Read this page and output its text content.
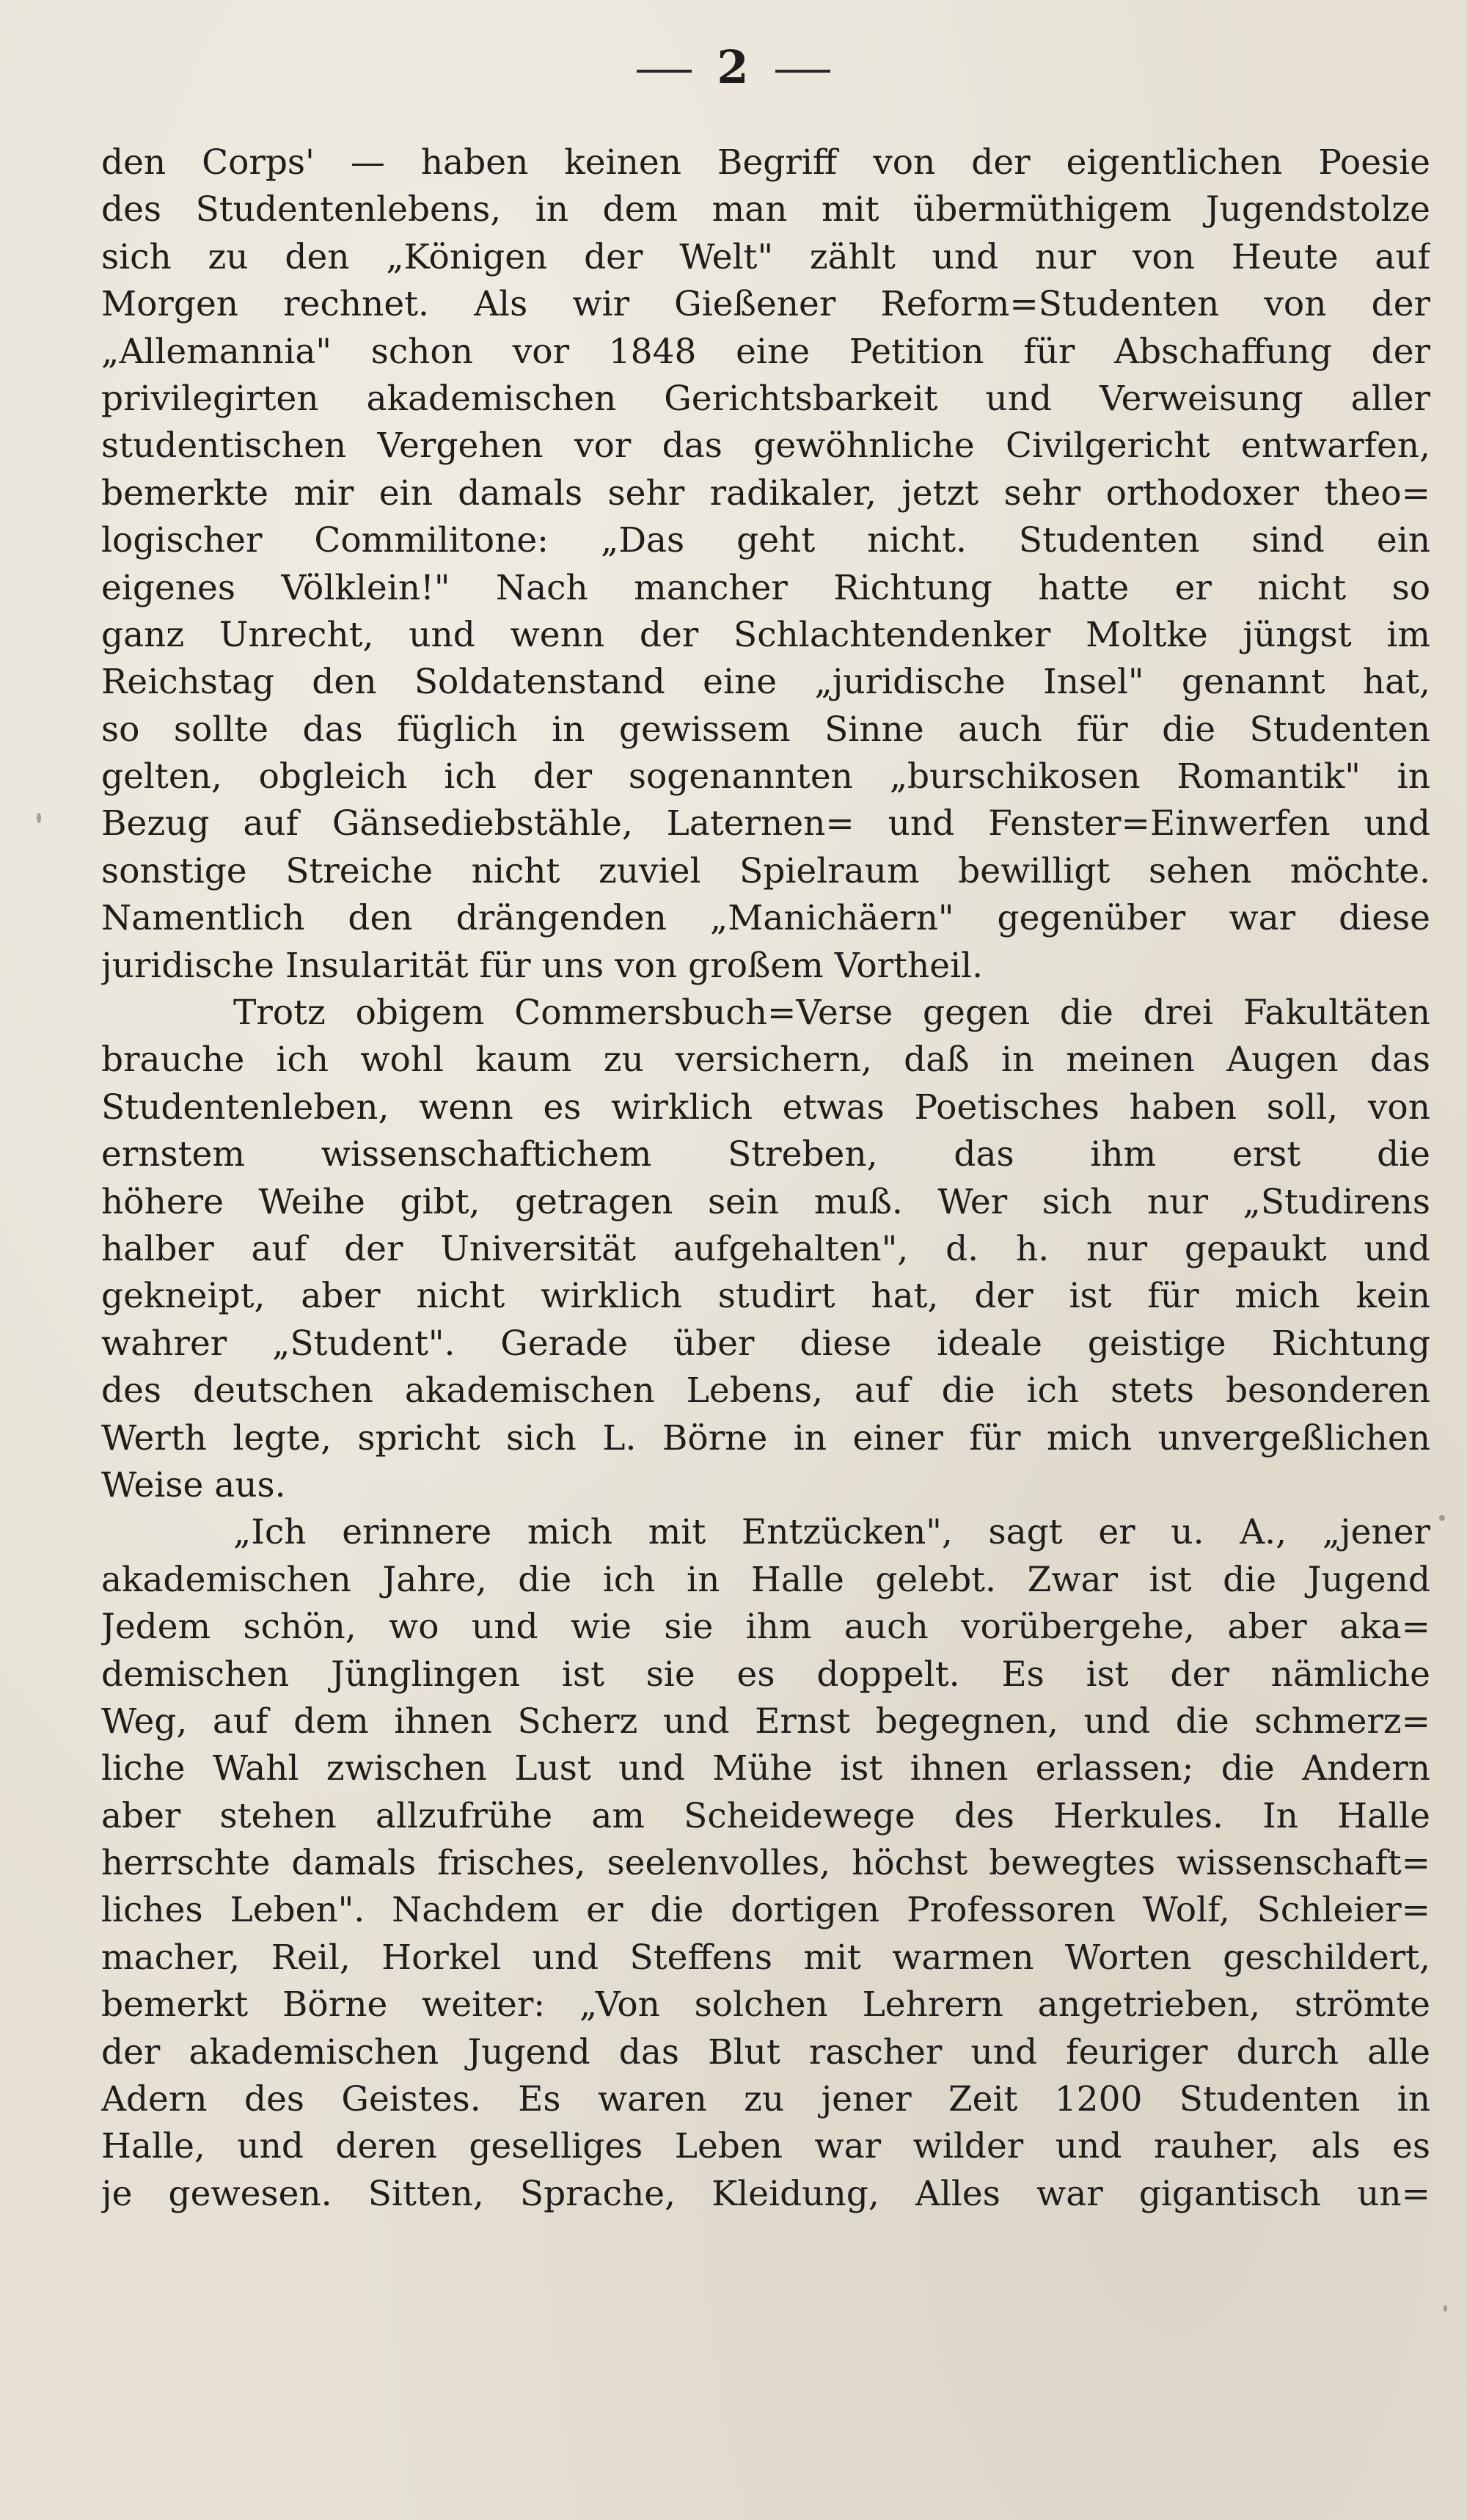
2
den Corps' — haben keinen Begriff von der eigentlichen Poesie
des Studentenlebens, in dem man mit übermüthigem Jugendstolze
sich zu den „Königen der Welt" zählt und nur von Heute auf
Morgen rechnet. Als wir Gießener Reform=Studenten von der
„Allemannia" schon vor 1848 eine Petition für Abschaffung der
privilegirten akademischen Gerichtsbarkeit und Verweisung aller
studentischen Vergehen vor das gewöhnliche Civilgericht entwarfen,
bemerkte mir ein damals sehr radikaler, jetzt sehr orthodoxer theo=
logischer Commilitone: „Das geht nicht. Studenten sind ein
eigenes Völklein!" Nach mancher Richtung hatte er nicht so
ganz Unrecht, und wenn der Schlachtendenker Moltke jüngst im
Reichstag den Soldatenstand eine „juridische Insel" genannt hat,
so sollte das füglich in gewissem Sinne auch für die Studenten
gelten, obgleich ich der sogenannten „burschikosen Romantik" in
Bezug auf Gänsediebstähle, Laternen= und Fenster=Einwerfen und
sonstige Streiche nicht zuviel Spielraum bewilligt sehen möchte.
Namentlich den drängenden „Manichäern" gegenüber war diese
juridische Insularität für uns von großem Vortheil.
Trotz obigem Commersbuch=Verse gegen die drei Fakultäten
brauche ich wohl kaum zu versichern, daß in meinen Augen das
Studentenleben, wenn es wirklich etwas Poetisches haben soll, von
ernstem wissenschaftichem Streben, das ihm erst die
höhere Weihe gibt, getragen sein muß. Wer sich nur „Studirens
halber auf der Universität aufgehalten", d. h. nur gepaukt und
gekneipt, aber nicht wirklich studirt hat, der ist für mich kein
wahrer „Student". Gerade über diese ideale geistige Richtung
des deutschen akademischen Lebens, auf die ich stets besonderen
Werth legte, spricht sich L. Börne in einer für mich unvergeßlichen
Weise aus.
„Ich erinnere mich mit Entzücken", sagt er u. A., „jener
akademischen Jahre, die ich in Halle gelebt. Zwar ist die Jugend
Jedem schön, wo und wie sie ihm auch vorübergehe, aber aka=
demischen Jünglingen ist sie es doppelt. Es ist der nämliche
Weg, auf dem ihnen Scherz und Ernst begegnen, und die schmerz=
liche Wahl zwischen Lust und Mühe ist ihnen erlassen; die Andern
aber stehen allzufrühe am Scheidewege des Herkules. In Halle
herrschte damals frisches, seelenvolles, höchst bewegtes wissenschaft=
liches Leben". Nachdem er die dortigen Professoren Wolf, Schleier=
macher, Reil, Horkel und Steffens mit warmen Worten geschildert,
bemerkt Börne weiter: „Von solchen Lehrern angetrieben, strömte
der akademischen Jugend das Blut rascher und feuriger durch alle
Adern des Geistes. Es waren zu jener Zeit 1200 Studenten in
Halle, und deren geselliges Leben war wilder und rauher, als es
je gewesen. Sitten, Sprache, Kleidung, Alles war gigantisch un=
